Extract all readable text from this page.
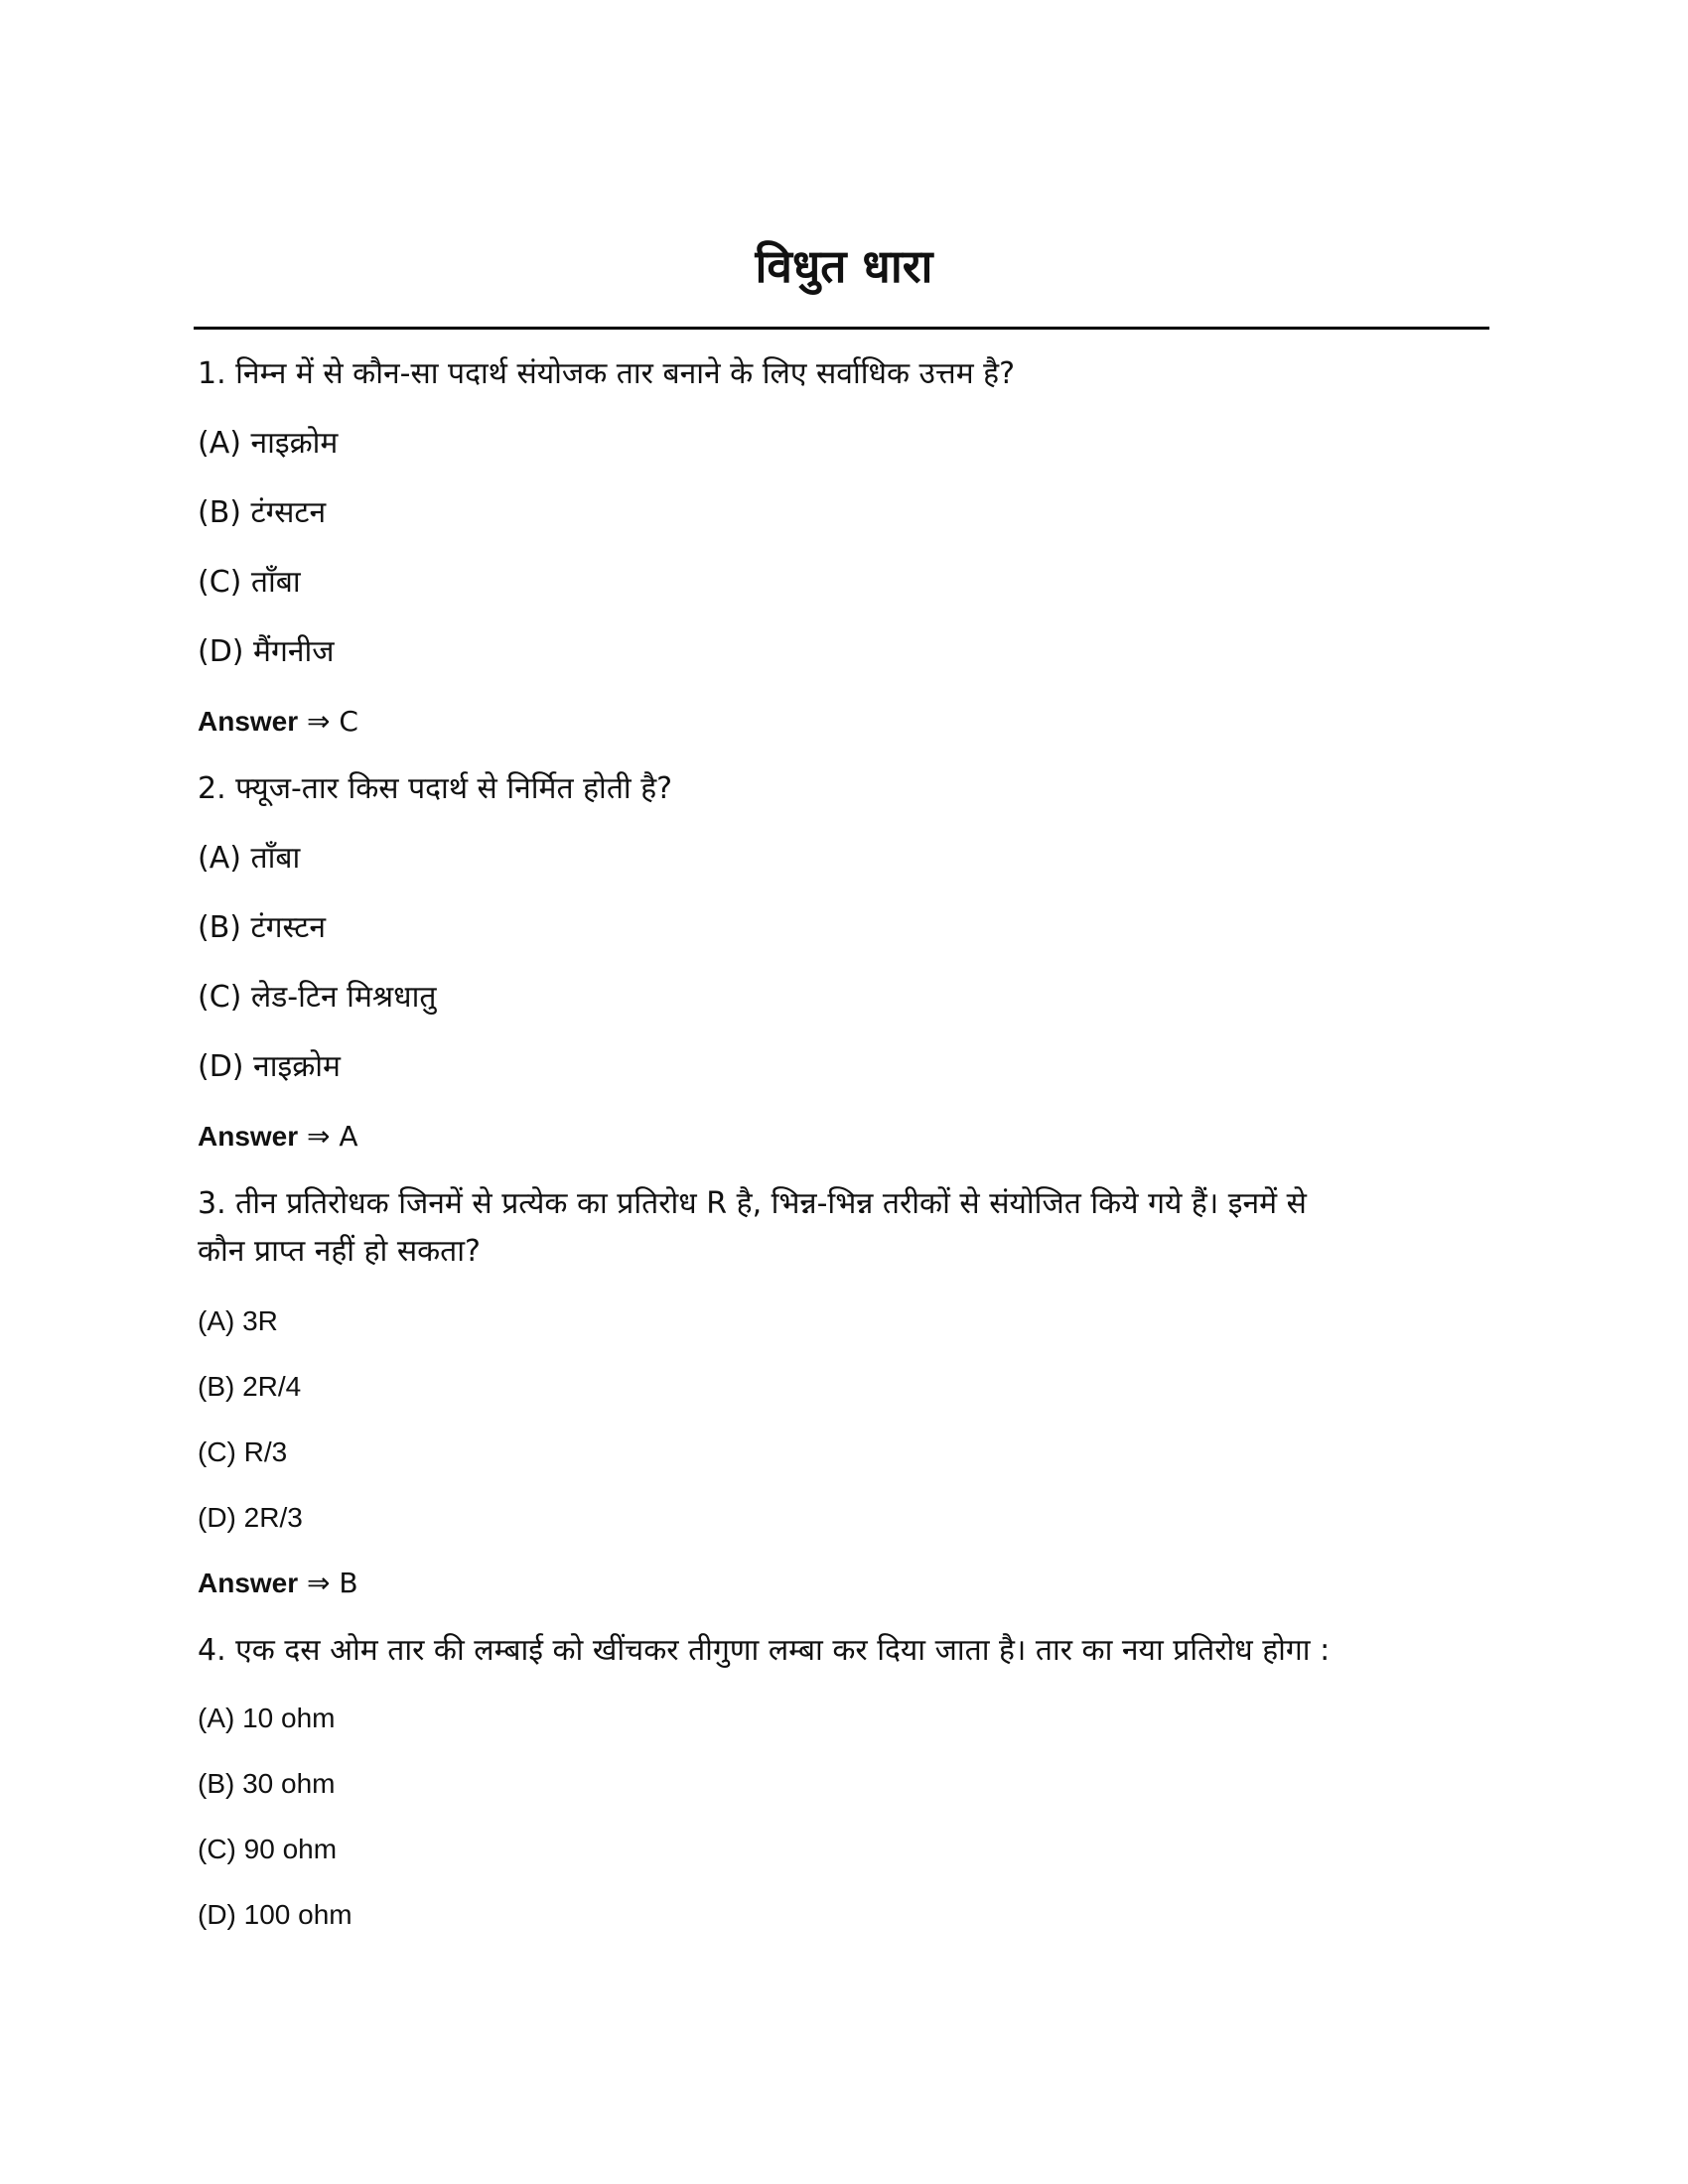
विधुत धारा
1. निम्न में से कौन-सा पदार्थ संयोजक तार बनाने के लिए सर्वाधिक उत्तम है?
(A) नाइक्रोम
(B) टंग्सटन
(C) ताँबा
(D) मैंगनीज
Answer ⇒ C
2. फ्यूज-तार किस पदार्थ से निर्मित होती है?
(A) ताँबा
(B) टंगस्टन
(C) लेड-टिन मिश्रधातु
(D) नाइक्रोम
Answer ⇒ A
3. तीन प्रतिरोधक जिनमें से प्रत्येक का प्रतिरोध R है, भिन्न-भिन्न तरीकों से संयोजित किये गये हैं। इनमें से
कौन प्राप्त नहीं हो सकता?
(A) 3R
(B) 2R/4
(C) R/3
(D) 2R/3
Answer ⇒ B
4. एक दस ओम तार की लम्बाई को खींचकर तीगुणा लम्बा कर दिया जाता है। तार का नया प्रतिरोध होगा :
(A) 10 ohm
(B) 30 ohm
(C) 90 ohm
(D) 100 ohm
